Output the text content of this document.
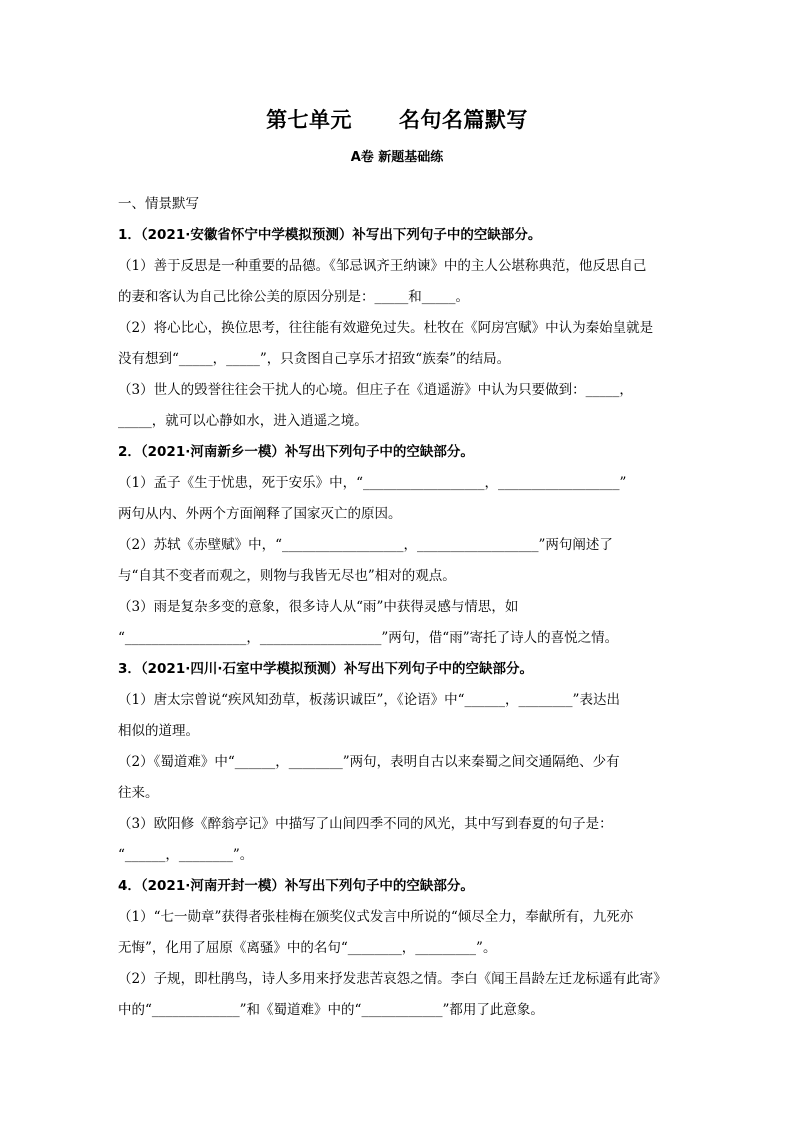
第七单元      名句名篇默写
A卷 新题基础练
一、情景默写
1．（2021·安徽省怀宁中学模拟预测）补写出下列句子中的空缺部分。
（1）善于反思是一种重要的品德。《邹忌讽齐王纳谏》中的主人公堪称典范，他反思自己
的妻和客认为自己比徐公美的原因分别是：_____和_____。
（2）将心比心，换位思考，往往能有效避免过失。杜牧在《阿房宫赋》中认为秦始皇就是
没有想到“_____，_____”，只贪图自己享乐才招致“族秦”的结局。
（3）世人的毁誉往往会干扰人的心境。但庄子在《逍遥游》中认为只要做到：_____，
_____，就可以心静如水，进入逍遥之境。
2．（2021·河南新乡一模）补写出下列句子中的空缺部分。
（1）孟子《生于忧患，死于安乐》中，“__________________，__________________”
两句从内、外两个方面阐释了国家灭亡的原因。
（2）苏轼《赤壁赋》中，“__________________，__________________”两句阐述了
与“自其不变者而观之，则物与我皆无尽也”相对的观点。
（3）雨是复杂多变的意象，很多诗人从“雨”中获得灵感与情思，如
“__________________，__________________”两句，借“雨”寄托了诗人的喜悦之情。
3．（2021·四川·石室中学模拟预测）补写出下列句子中的空缺部分。
（1）唐太宗曾说“疾风知劲草，板荡识诚臣”，《论语》中“______，________”表达出
相似的道理。
（2）《蜀道难》中“______，________”两句，表明自古以来秦蜀之间交通隔绝、少有
往来。
（3）欧阳修《醉翁亭记》中描写了山间四季不同的风光，其中写到春夏的句子是：
“______，________”。
4．（2021·河南开封一模）补写出下列句子中的空缺部分。
（1）“七一勋章”获得者张桂梅在颁奖仪式发言中所说的“倾尽全力，奉献所有，九死亦
无悔”，化用了屈原《离骚》中的名句“________，_________”。
（2）子规，即杜鹃鸟，诗人多用来抒发悲苦哀怨之情。李白《闻王昌龄左迁龙标遥有此寄》
中的“_____________”和《蜀道难》中的“____________”都用了此意象。
